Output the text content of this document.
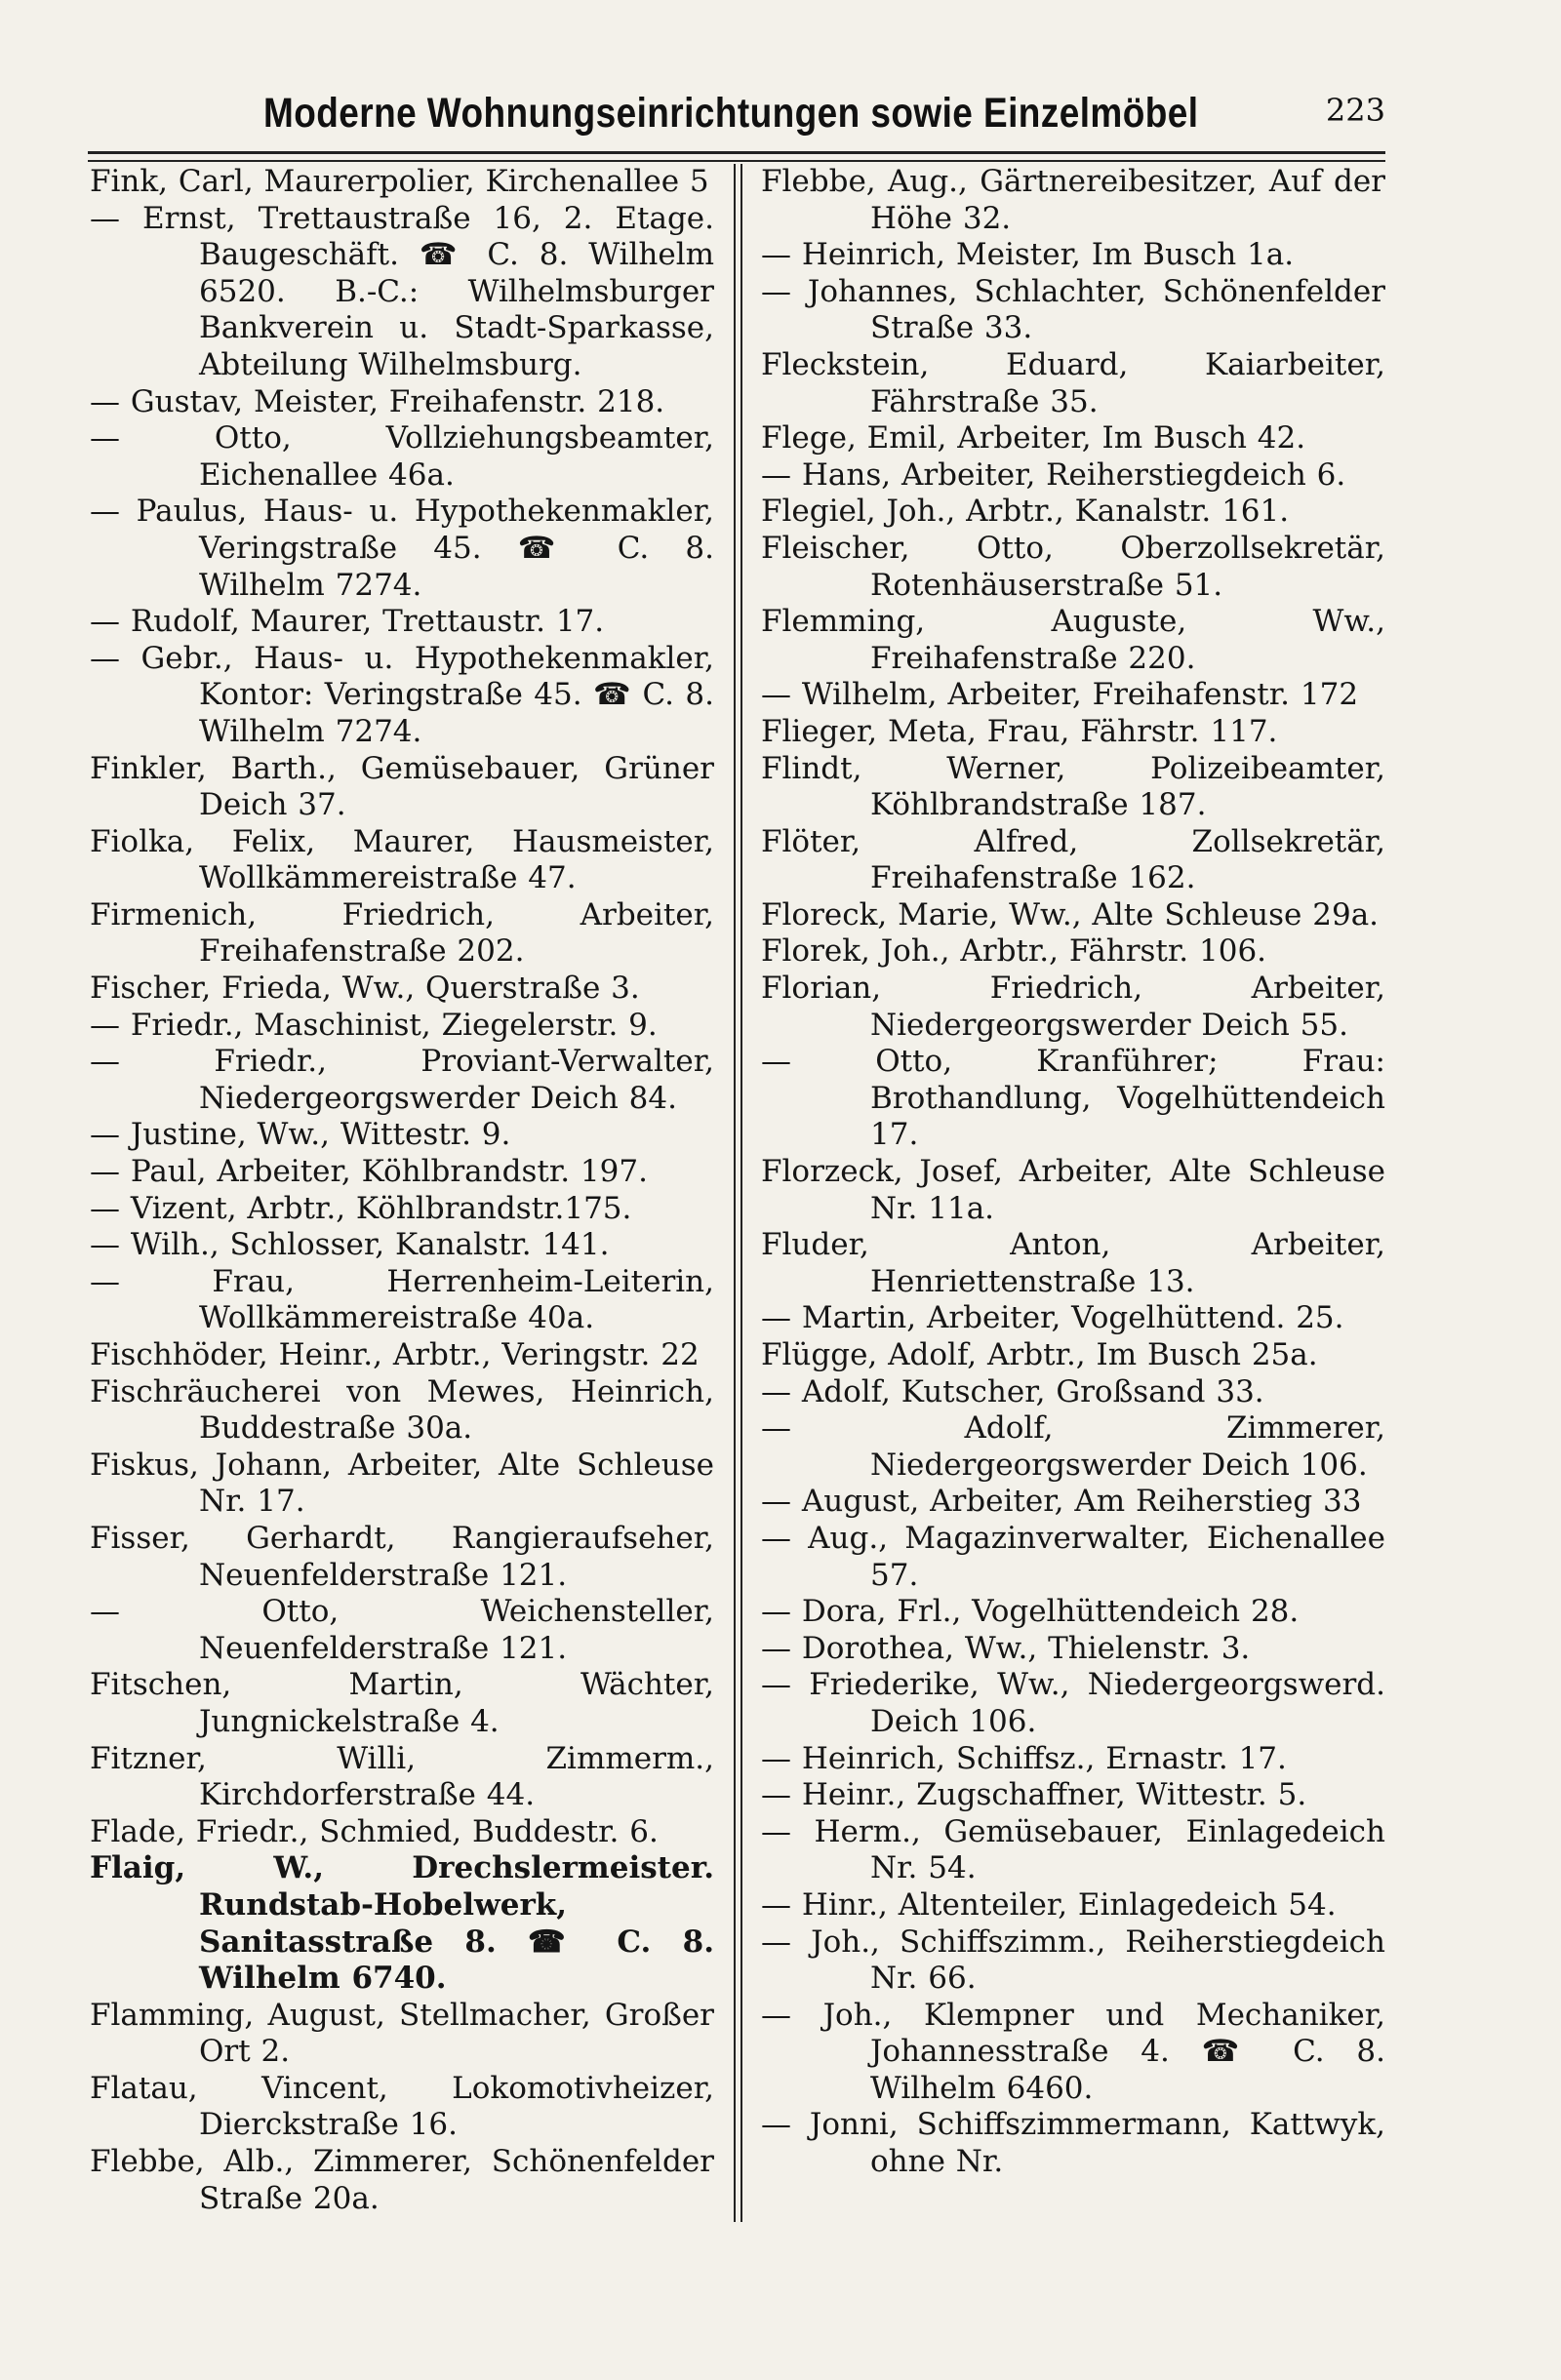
Moderne Wohnungseinrichtungen sowie Einzelmöbel	223
Fink, Carl, Maurerpolier, Kirchenallee 5
— Ernst, Trettaustraße 16, 2. Etage. Baugeschäft. ☎ C. 8. Wilhelm 6520. B.-C.: Wilhelmsburger Bankverein u. Stadt-Sparkasse, Abteilung Wilhelmsburg.
— Gustav, Meister, Freihafenstr. 218.
— Otto, Vollziehungsbeamter, Eichenallee 46a.
— Paulus, Haus- u. Hypothekenmakler, Veringstraße 45. ☎ C. 8. Wilhelm 7274.
— Rudolf, Maurer, Trettaustr. 17.
— Gebr., Haus- u. Hypothekenmakler, Kontor: Veringstraße 45. ☎ C. 8. Wilhelm 7274.
Finkler, Barth., Gemüsebauer, Grüner Deich 37.
Fiolka, Felix, Maurer, Hausmeister, Wollkämmereistraße 47.
Firmenich, Friedrich, Arbeiter, Freihafenstraße 202.
Fischer, Frieda, Ww., Querstraße 3.
— Friedr., Maschinist, Ziegelerstr. 9.
— Friedr., Proviant-Verwalter, Niedergeorgswerder Deich 84.
— Justine, Ww., Wittestr. 9.
— Paul, Arbeiter, Köhlbrandstr. 197.
— Vizent, Arbtr., Köhlbrandstr.175.
— Wilh., Schlosser, Kanalstr. 141.
— Frau, Herrenheim-Leiterin, Wollkämmereistraße 40a.
Fischhöder, Heinr., Arbtr., Veringstr. 22
Fischräucherei von Mewes, Heinrich, Buddestraße 30a.
Fiskus, Johann, Arbeiter, Alte Schleuse Nr. 17.
Fisser, Gerhardt, Rangieraufseher, Neuenfelderstraße 121.
— Otto, Weichensteller, Neuenfelderstraße 121.
Fitschen, Martin, Wächter, Jungnickelstraße 4.
Fitzner, Willi, Zimmerm., Kirchdorferstraße 44.
Flade, Friedr., Schmied, Buddestr. 6.
Flaig, W., Drechslermeister. Rundstab-Hobelwerk, Sanitasstraße 8. ☎ C. 8. Wilhelm 6740.
Flamming, August, Stellmacher, Großer Ort 2.
Flatau, Vincent, Lokomotivheizer, Dierckstraße 16.
Flebbe, Alb., Zimmerer, Schönenfelder Straße 20a.
Flebbe, Aug., Gärtnereibesitzer, Auf der Höhe 32.
— Heinrich, Meister, Im Busch 1a.
— Johannes, Schlachter, Schönenfelder Straße 33.
Fleckstein, Eduard, Kaiarbeiter, Fährstraße 35.
Flege, Emil, Arbeiter, Im Busch 42.
— Hans, Arbeiter, Reiherstiegdeich 6.
Flegiel, Joh., Arbtr., Kanalstr. 161.
Fleischer, Otto, Oberzollsekretär, Rotenhäuserstraße 51.
Flemming, Auguste, Ww., Freihafenstraße 220.
— Wilhelm, Arbeiter, Freihafenstr. 172
Flieger, Meta, Frau, Fährstr. 117.
Flindt, Werner, Polizeibeamter, Köhlbrandstraße 187.
Flöter, Alfred, Zollsekretär, Freihafenstraße 162.
Floreck, Marie, Ww., Alte Schleuse 29a.
Florek, Joh., Arbtr., Fährstr. 106.
Florian, Friedrich, Arbeiter, Niedergeorgswerder Deich 55.
— Otto, Kranführer; Frau: Brothandlung, Vogelhüttendeich 17.
Florzeck, Josef, Arbeiter, Alte Schleuse Nr. 11a.
Fluder, Anton, Arbeiter, Henriettenstraße 13.
— Martin, Arbeiter, Vogelhüttend. 25.
Flügge, Adolf, Arbtr., Im Busch 25a.
— Adolf, Kutscher, Großsand 33.
— Adolf, Zimmerer, Niedergeorgswerder Deich 106.
— August, Arbeiter, Am Reiherstieg 33
— Aug., Magazinverwalter, Eichenallee 57.
— Dora, Frl., Vogelhüttendeich 28.
— Dorothea, Ww., Thielenstr. 3.
— Friederike, Ww., Niedergeorgswerd. Deich 106.
— Heinrich, Schiffsz., Ernastr. 17.
— Heinr., Zugschaffner, Wittestr. 5.
— Herm., Gemüsebauer, Einlagedeich Nr. 54.
— Hinr., Altenteiler, Einlagedeich 54.
— Joh., Schiffszimm., Reiherstiegdeich Nr. 66.
— Joh., Klempner und Mechaniker, Johannesstraße 4. ☎ C. 8. Wilhelm 6460.
— Jonni, Schiffszimmermann, Kattwyk, ohne Nr.
